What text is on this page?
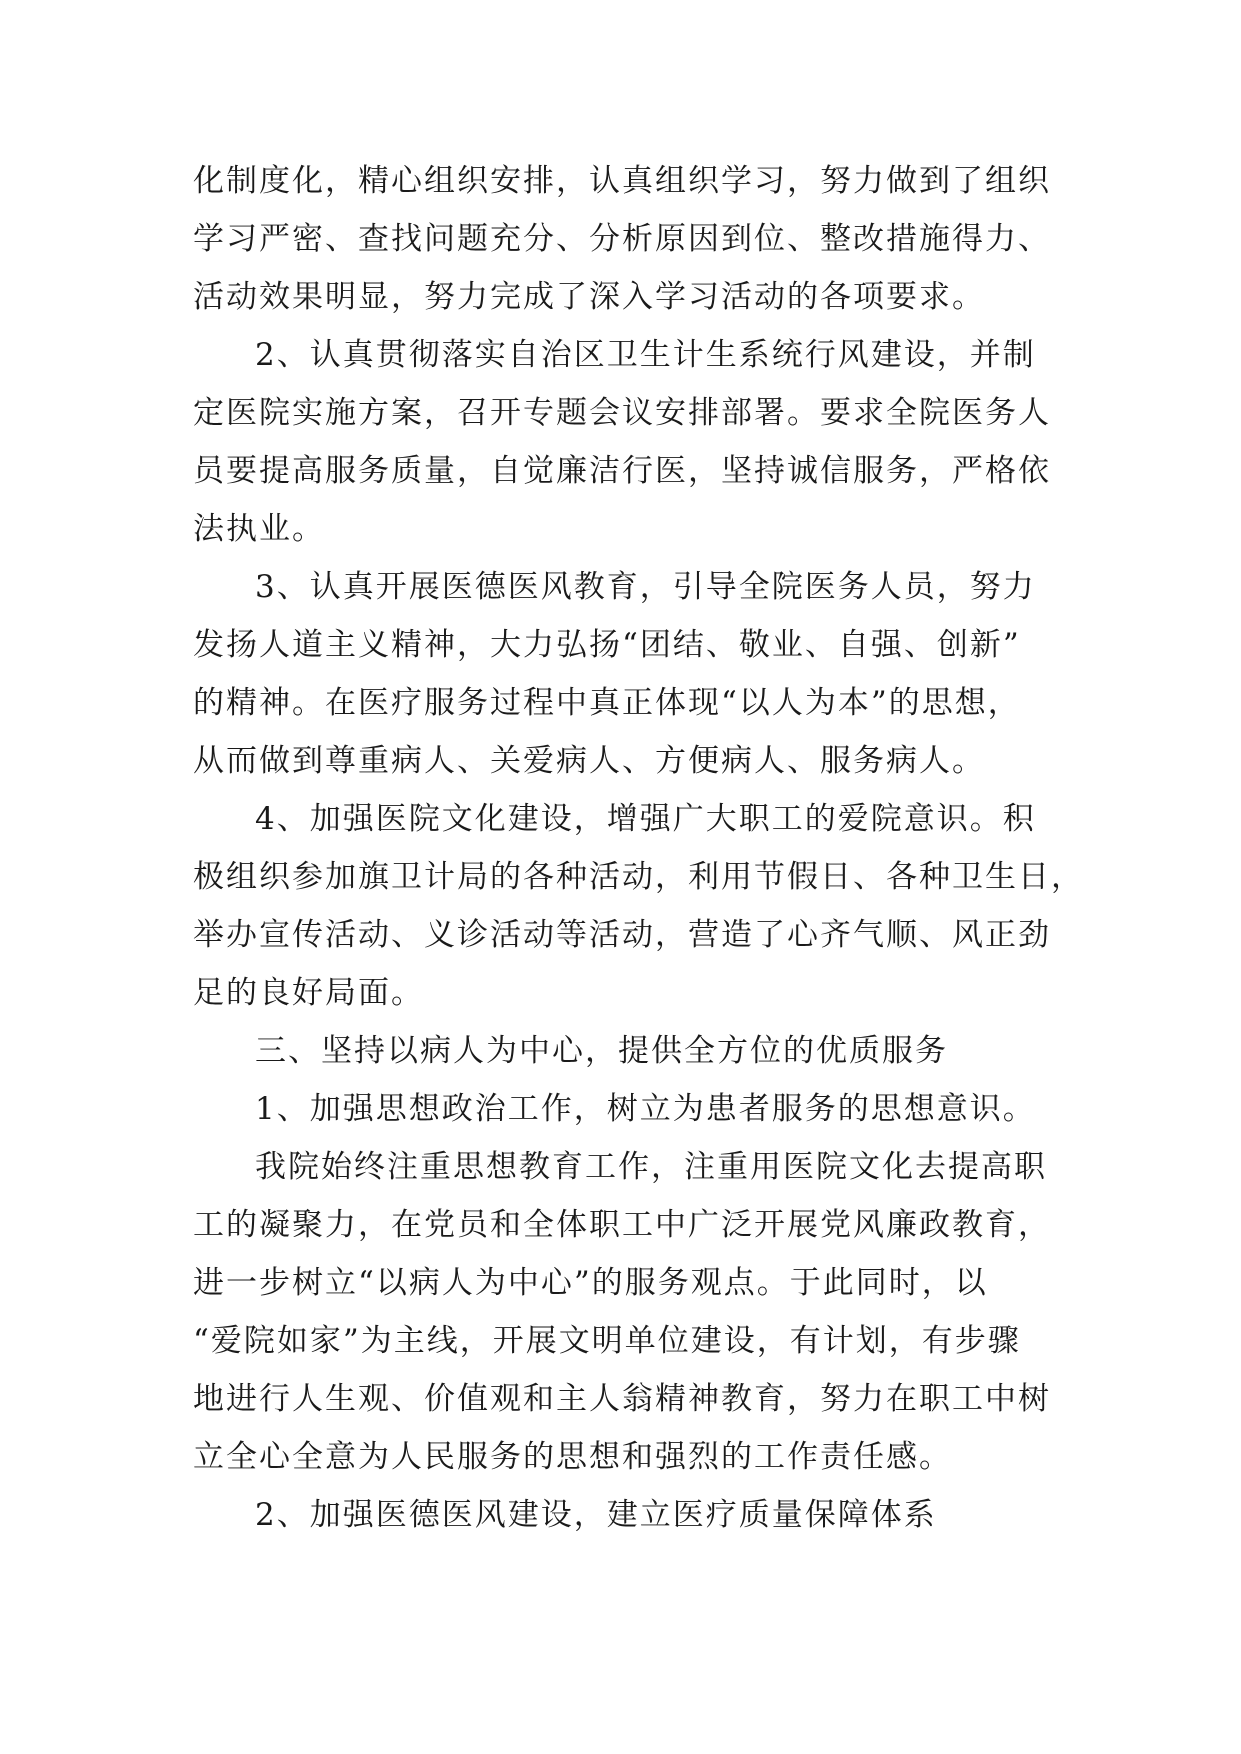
化制度化，精心组织安排，认真组织学习，努力做到了组织
学习严密、查找问题充分、分析原因到位、整改措施得力、
活动效果明显，努力完成了深入学习活动的各项要求。
2、认真贯彻落实自治区卫生计生系统行风建设，并制
定医院实施方案，召开专题会议安排部署。要求全院医务人
员要提高服务质量，自觉廉洁行医，坚持诚信服务，严格依
法执业。
3、认真开展医德医风教育，引导全院医务人员，努力
发扬人道主义精神，大力弘扬“团结、敬业、自强、创新”
的精神。在医疗服务过程中真正体现“以人为本”的思想，
从而做到尊重病人、关爱病人、方便病人、服务病人。
4、加强医院文化建设，增强广大职工的爱院意识。积
极组织参加旗卫计局的各种活动，利用节假日、各种卫生日，
举办宣传活动、义诊活动等活动，营造了心齐气顺、风正劲
足的良好局面。
三、坚持以病人为中心，提供全方位的优质服务
1、加强思想政治工作，树立为患者服务的思想意识。
我院始终注重思想教育工作，注重用医院文化去提高职
工的凝聚力，在党员和全体职工中广泛开展党风廉政教育，
进一步树立“以病人为中心”的服务观点。于此同时，以
“爱院如家”为主线，开展文明单位建设，有计划，有步骤
地进行人生观、价值观和主人翁精神教育，努力在职工中树
立全心全意为人民服务的思想和强烈的工作责任感。
2、加强医德医风建设，建立医疗质量保障体系
